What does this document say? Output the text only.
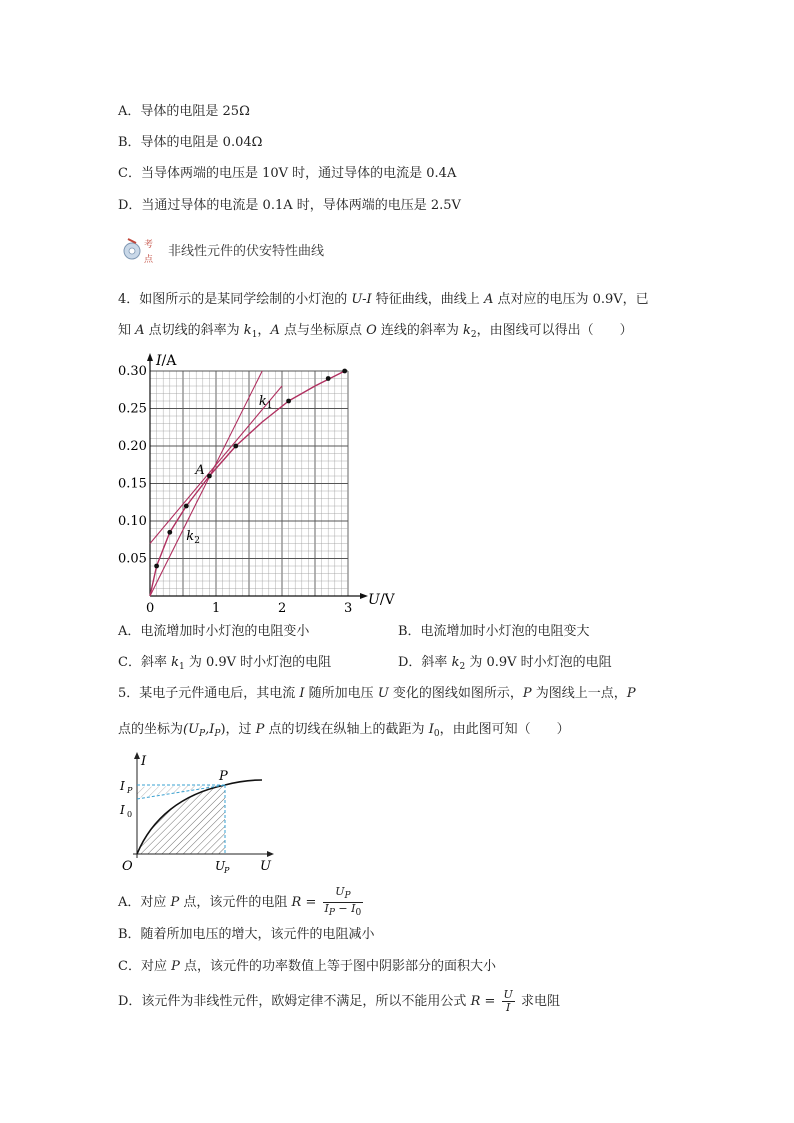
A．导体的电阻是 25Ω
B．导体的电阻是 0.04Ω
C．当导体两端的电压是 10V 时，通过导体的电流是 0.4A
D．当通过导体的电流是 0.1A 时，导体两端的电压是 2.5V
考
点
非线性元件的伏安特性曲线
4．如图所示的是某同学绘制的小灯泡的 U-I 特征曲线，曲线上 A 点对应的电压为 0.9V，已
知 A 点切线的斜率为 $k_1$，A 点与坐标原点 O 连线的斜率为 $k_2$，由图线可以得出（　　）
0	1	2	3
0.05
0.10
0.15
0.20
0.25
0.30
I/A
U/V
A
$k_1$
$k_2$
A．电流增加时小灯泡的电阻变小	B．电流增加时小灯泡的电阻变大
C．斜率 $k_1$ 为 0.9V 时小灯泡的电阻	D．斜率 $k_2$ 为 0.9V 时小灯泡的电阻
5．某电子元件通电后，其电流 I 随所加电压 U 变化的图线如图所示，P 为图线上一点，P
点的坐标为$(U_P,I_P)$，过 P 点的切线在纵轴上的截距为 $I_0$，由此图可知（　　）
I
U
O
P
I P
I 0
U
P
A．对应 P 点，该元件的电阻 $R = \frac{U_P}{I_P - I_0}$
B．随着所加电压的增大，该元件的电阻减小
C．对应 P 点，该元件的功率数值上等于图中阴影部分的面积大小
D．该元件为非线性元件，欧姆定律不满足，所以不能用公式 $R = \frac{U}{I}$ 求电阻
